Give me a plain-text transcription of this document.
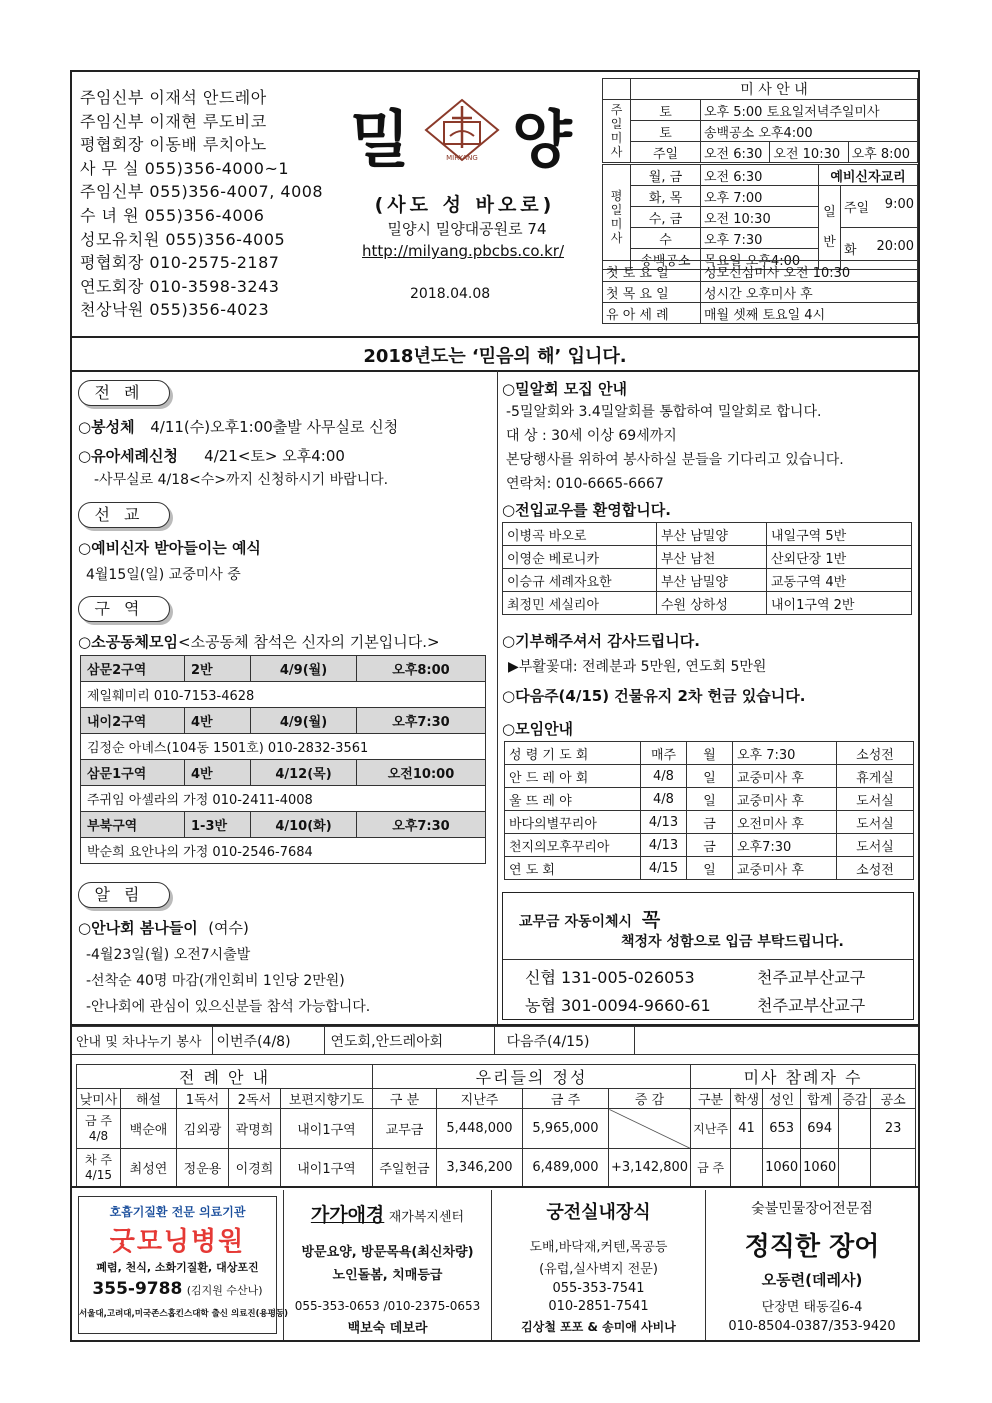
주임신부 이재석 안드레아
주임신부 이재현 루도비코
평협회장 이동배 루치아노
사 무 실 055)356-4000~1
주임신부 055)356-4007, 4008
수 녀 원 055)356-4006
성모유치원 055)356-4005
평협회장 010-2575-2187
연도회장 010-3598-3243
천상낙원 055)356-4023
밀	MIRYANG 양
(사도 성 바오로)
밀양시 밀양대공원로 74
http://milyang.pbcbs.co.kr/
2018.04.08
	미 사 안 내			
주일미사	토	오후 5:00 토요일저녁주일미사		
	토	송백공소 오후4:00		
	주일	오전 6:30	오전 10:30	오후 8:00
평일미사	월, 금	오전 6:30	예비신자교리	
	화, 목	오후 7:00	일반	주일 9:00

	수, 금	오전 10:30		
	수	오후 7:30		화 20:00

	송백공소	목요일 오후4:00		
첫 토 요 일	성모신심미사 오전 10:30
첫 목 요 일	성시간 오후미사 후
유 아 세 례	매월 셋째 토요일 4시
2018년도는 ‘믿음의 해’ 입니다.
전례
○봉성체 4/11(수)오후1:00출발 사무실로 신청
○유아세례신청 4/21<토> 오후4:00
-사무실로 4/18<수>까지 신청하시기 바랍니다.
선교
○예비신자 받아들이는 예식
4월15일(일) 교중미사 중
구역
○소공동체모임<소공동체 참석은 신자의 기본입니다.>
삼문2구역	2반	4/9(월)	오후8:00
제일훼미리 010-7153-4628			
내이2구역	4반	4/9(월)	오후7:30
김정순 아녜스(104동 1501호) 010-2832-3561			
삼문1구역	4반	4/12(목)	오전10:00
주귀임 아셀라의 가정 010-2411-4008			
부북구역	1-3반	4/10(화)	오후7:30
박순희 요안나의 가정 010-2546-7684			
알림
○안나회 봄나들이 (여수)
-4월23일(월) 오전7시출발
-선착순 40명 마감(개인회비 1인당 2만원)
-안나회에 관심이 있으신분들 참석 가능합니다.
○밀알회 모집 안내
-5밀알회와 3.4밀알회를 통합하여 밀알회로 합니다.
대 상 : 30세 이상 69세까지
본당행사를 위하여 봉사하실 분들을 기다리고 있습니다.
연락처: 010-6665-6667
○전입교우를 환영합니다.
이병곡 바오로	부산 남밀양	내일구역 5반
이영순 베로니카	부산 남천	산외단장 1반
이승규 세례자요한	부산 남밀양	교동구역 4반
최정민 세실리아	수원 상하성	내이1구역 2반
○기부해주셔서 감사드립니다.
▶부활꽃대: 전례분과 5만원, 연도회 5만원
○다음주(4/15) 건물유지 2차 헌금 있습니다.
○모임안내
성 령 기 도 회	매주	월	오후 7:30	소성전
안 드 레 아 회	4/8	일	교중미사 후	휴게실
울 뜨 레 야	4/8	일	교중미사 후	도서실
바다의별꾸리아	4/13	금	오전미사 후	도서실
천지의모후꾸리아	4/13	금	오후7:30	도서실
연 도 회	4/15	일	교중미사 후	소성전
교무금 자동이체시 꼭
책정자 성함으로 입금 부탁드립니다.
신협 131-005-026053	천주교부산교구
농협 301-0094-9660-61	천주교부산교구
안내 및 차나누기 봉사	이번주(4/8)	연도회,안드레아회	다음주(4/15)	
전 례 안 내					우리들의 정성				미사 참례자 수					
낮미사	해설	1독서	2독서	보편지향기도	구 분	지난주	금 주	증 감	구분	학생	성인	합계	증감	공소
금 주
4/8	백순애	김외광	곽명희	내이1구역	교무금	5,448,000	5,965,000		지난주	41	653	694		23
차 주
4/15	최성연	정운용	이경희	내이1구역	주일헌금	3,346,200	6,489,000	+3,142,800	금 주		1060	1060		
호흡기질환 전문 의료기관
굿모닝병원
폐렴, 천식, 소화기질환, 대상포진
355-9788 (김지원 수산나)
서울대,고려대,미국존스홉킨스대학 출신 의료진(용평동)
가가애경 재가복지센터
방문요양, 방문목욕(최신차량)
노인돌봄, 치매등급
055-353-0653 /010-2375-0653
백보숙 데보라
궁전실내장식
도배,바닥재,커텐,목공등
(유럽,실사벽지 전문)
055-353-7541
010-2851-7541
김상철 포포 & 송미애 사비나
숯불민물장어전문점
정직한 장어
오동련(데레사)
단장면 태동길6-4
010-8504-0387/353-9420
